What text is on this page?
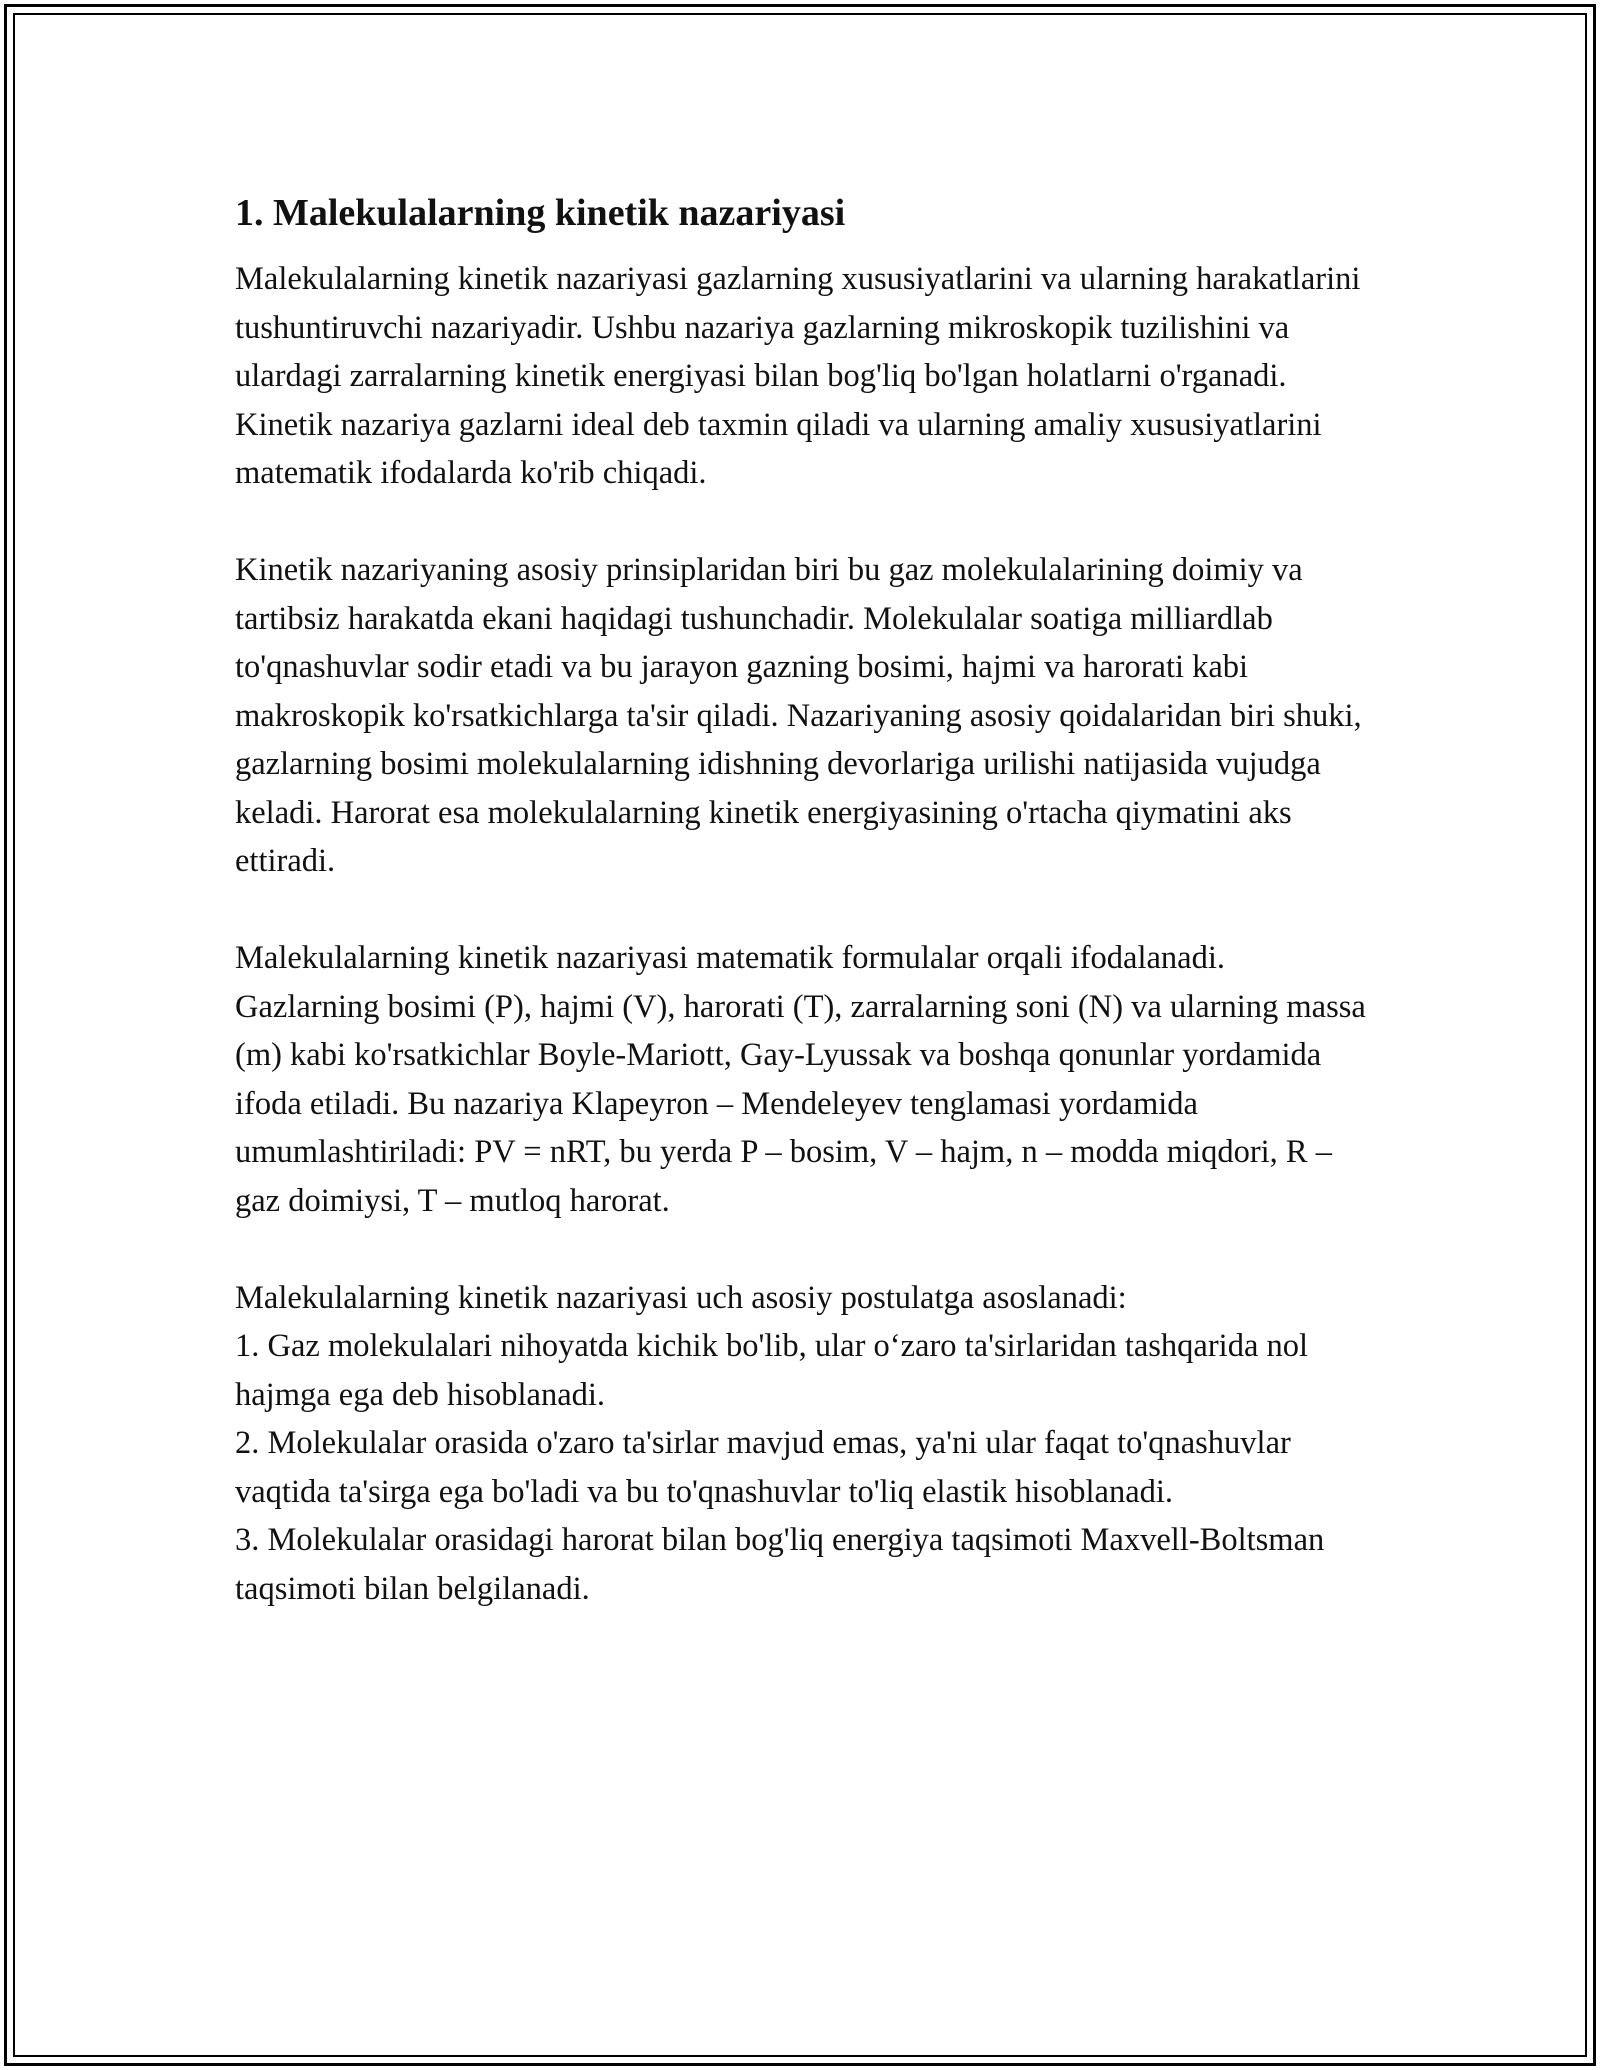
1. Malekulalarning kinetik nazariyasi

Malekulalarning kinetik nazariyasi gazlarning xususiyatlarini va ularning harakatlarini tushuntiruvchi nazariyadir. Ushbu nazariya gazlarning mikroskopik tuzilishini va ulardagi zarralarning kinetik energiyasi bilan bog'liq bo'lgan holatlarni o'rganadi. Kinetik nazariya gazlarni ideal deb taxmin qiladi va ularning amaliy xususiyatlarini matematik ifodalarda ko'rib chiqadi.

Kinetik nazariyaning asosiy prinsiplaridan biri bu gaz molekulalarining doimiy va tartibsiz harakatda ekani haqidagi tushunchadir. Molekulalar soatiga milliardlab to'qnashuvlar sodir etadi va bu jarayon gazning bosimi, hajmi va harorati kabi makroskopik ko'rsatkichlarga ta'sir qiladi. Nazariyaning asosiy qoidalaridan biri shuki, gazlarning bosimi molekulalarning idishning devorlariga urilishi natijasida vujudga keladi. Harorat esa molekulalarning kinetik energiyasining o'rtacha qiymatini aks ettiradi.

Malekulalarning kinetik nazariyasi matematik formulalar orqali ifodalanadi. Gazlarning bosimi (P), hajmi (V), harorati (T), zarralarning soni (N) va ularning massa (m) kabi ko'rsatkichlar Boyle-Mariott, Gay-Lyussak va boshqa qonunlar yordamida ifoda etiladi. Bu nazariya Klapeyron – Mendeleyev tenglamasi yordamida umumlashtiriladi: PV = nRT, bu yerda P – bosim, V – hajm, n – modda miqdori, R – gaz doimiysi, T – mutloq harorat.

Malekulalarning kinetik nazariyasi uch asosiy postulatga asoslanadi:

1. Gaz molekulalari nihoyatda kichik bo'lib, ular o‘zaro ta'sirlaridan tashqarida nol hajmga ega deb hisoblanadi.

2. Molekulalar orasida o'zaro ta'sirlar mavjud emas, ya'ni ular faqat to'qnashuvlar vaqtida ta'sirga ega bo'ladi va bu to'qnashuvlar to'liq elastik hisoblanadi.

3. Molekulalar orasidagi harorat bilan bog'liq energiya taqsimoti Maxvell-Boltsman taqsimoti bilan belgilanadi.
